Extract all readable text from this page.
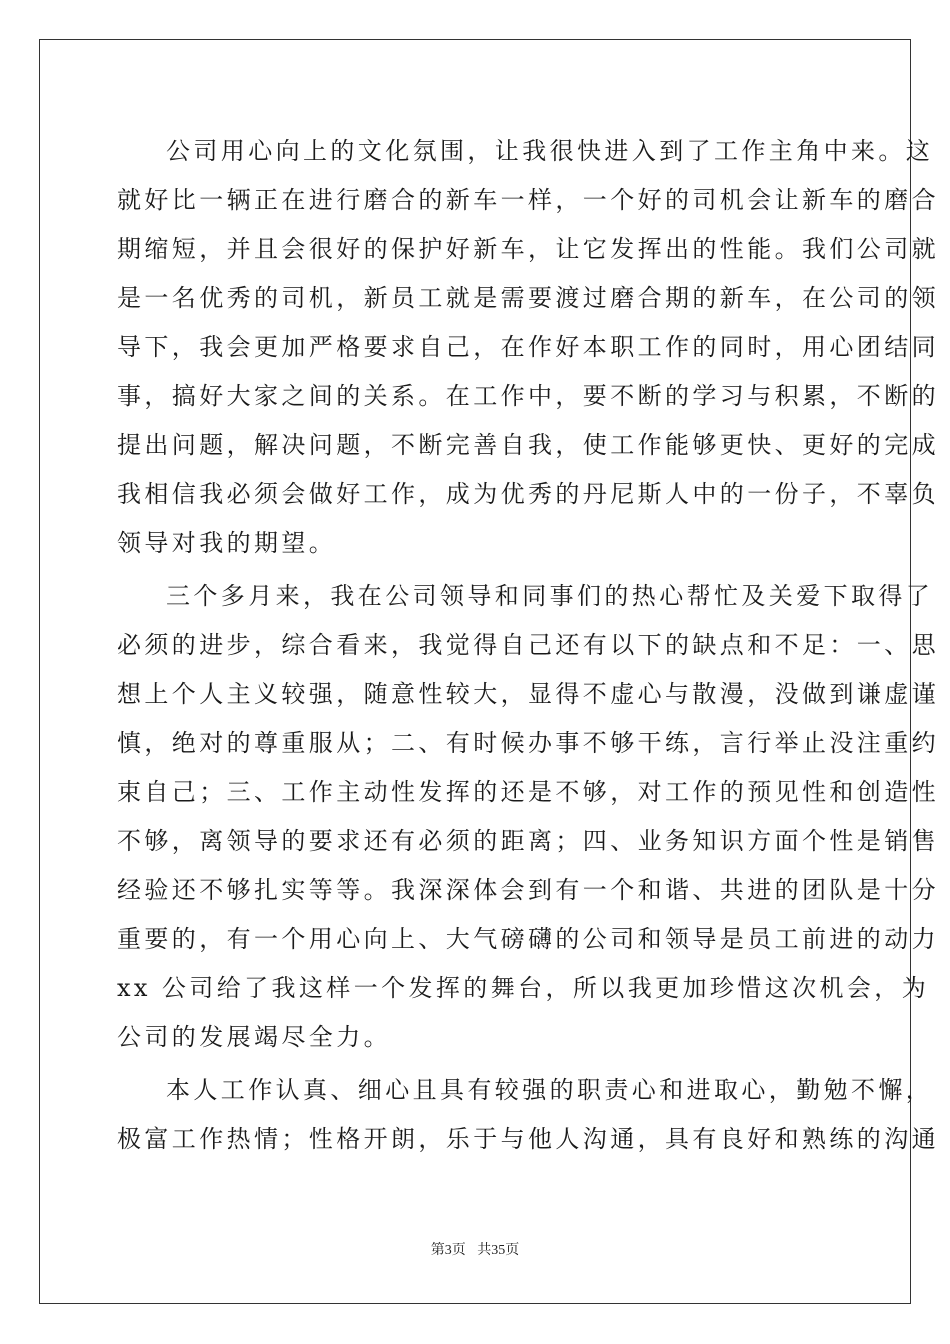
公司用心向上的文化氛围，让我很快进入到了工作主角中来。这
就好比一辆正在进行磨合的新车一样，一个好的司机会让新车的磨合
期缩短，并且会很好的保护好新车，让它发挥出的性能。我们公司就
是一名优秀的司机，新员工就是需要渡过磨合期的新车，在公司的领
导下，我会更加严格要求自己，在作好本职工作的同时，用心团结同
事，搞好大家之间的关系。在工作中，要不断的学习与积累，不断的
提出问题，解决问题，不断完善自我，使工作能够更快、更好的完成
我相信我必须会做好工作，成为优秀的丹尼斯人中的一份子，不辜负
领导对我的期望。
三个多月来，我在公司领导和同事们的热心帮忙及关爱下取得了
必须的进步，综合看来，我觉得自己还有以下的缺点和不足：一、思
想上个人主义较强，随意性较大，显得不虚心与散漫，没做到谦虚谨
慎，绝对的尊重服从；二、有时候办事不够干练，言行举止没注重约
束自己；三、工作主动性发挥的还是不够，对工作的预见性和创造性
不够，离领导的要求还有必须的距离；四、业务知识方面个性是销售
经验还不够扎实等等。我深深体会到有一个和谐、共进的团队是十分
重要的，有一个用心向上、大气磅礴的公司和领导是员工前进的动力
xx 公司给了我这样一个发挥的舞台，所以我更加珍惜这次机会，为
公司的发展竭尽全力。
本人工作认真、细心且具有较强的职责心和进取心，勤勉不懈，
极富工作热情；性格开朗，乐于与他人沟通，具有良好和熟练的沟通
第3页 共35页
